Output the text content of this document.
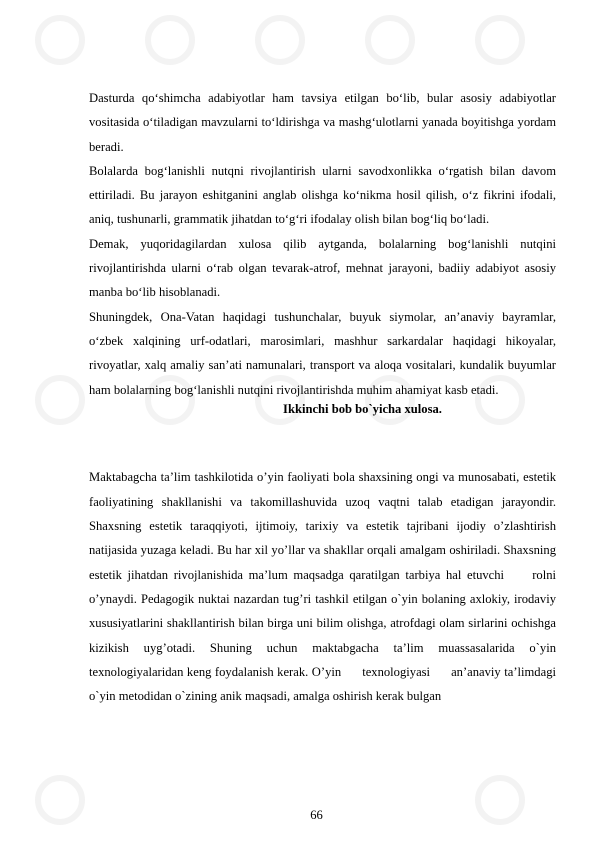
Dasturda qo‘shimcha adabiyotlar ham tavsiya etilgan bo‘lib, bular asosiy adabiyotlar vositasida o‘tiladigan mavzularni to‘ldirishga va mashg‘ulotlarni yanada boyitishga yordam beradi.

Bolalarda bog‘lanishli nutqni rivojlantirish ularni savodxonlikka o‘rgatish bilan davom ettiriladi. Bu jarayon eshitganini anglab olishga ko‘nikma hosil qilish, o‘z fikrini ifodali, aniq, tushunarli, grammatik jihatdan to‘g‘ri ifodalay olish bilan bog‘liq bo‘ladi.

Demak, yuqoridagilardan xulosa qilib aytganda, bolalarning bog‘lanishli nutqini rivojlantirishda ularni o‘rab olgan tevarak-atrof, mehnat jarayoni, badiiy adabiyot asosiy manba bo‘lib hisoblanadi.

Shuningdek, Ona-Vatan haqidagi tushunchalar, buyuk siymolar, an’anaviy bayramlar, o‘zbek xalqining urf-odatlari, marosimlari, mashhur sarkardalar haqidagi hikoyalar, rivoyatlar, xalq amaliy san’ati namunalari, transport va aloqa vositalari, kundalik buyumlar ham bolalarning bog‘lanishli nutqini rivojlantirishda muhim ahamiyat kasb etadi.

Ikkinchi bob bo`yicha xulosa.

Maktabagcha ta’lim tashkilotida o’yin faoliyati bola shaxsining ongi va munosabati, estetik faoliyatining shakllanishi va takomillashuvida uzoq vaqtni talab etadigan jarayondir. Shaxsning estetik taraqqiyoti, ijtimoiy, tarixiy va estetik tajribani ijodiy o’zlashtirish natijasida yuzaga keladi. Bu har xil yo’llar va shakllar orqali amalgam oshiriladi. Shaxsning estetik jihatdan rivojlanishida ma’lum maqsadga qaratilgan tarbiya hal etuvchi     rolni o’ynaydi. Pedagogik nuktai nazardan tug’ri tashkil etilgan o`yin bolaning axlokiy, irodaviy xususiyatlarini shakllantirish bilan birga uni bilim olishga, atrofdagi olam sirlarini ochishga kizikish uyg’otadi. Shuning uchun maktabgacha ta’lim muassasalarida o`yin texnologiyalaridan keng foydalanish kerak. O’yin      texnologiyasi      an’anaviy ta’limdagi o`yin metodidan o`zining anik maqsadi, amalga oshirish kerak bulgan

66
